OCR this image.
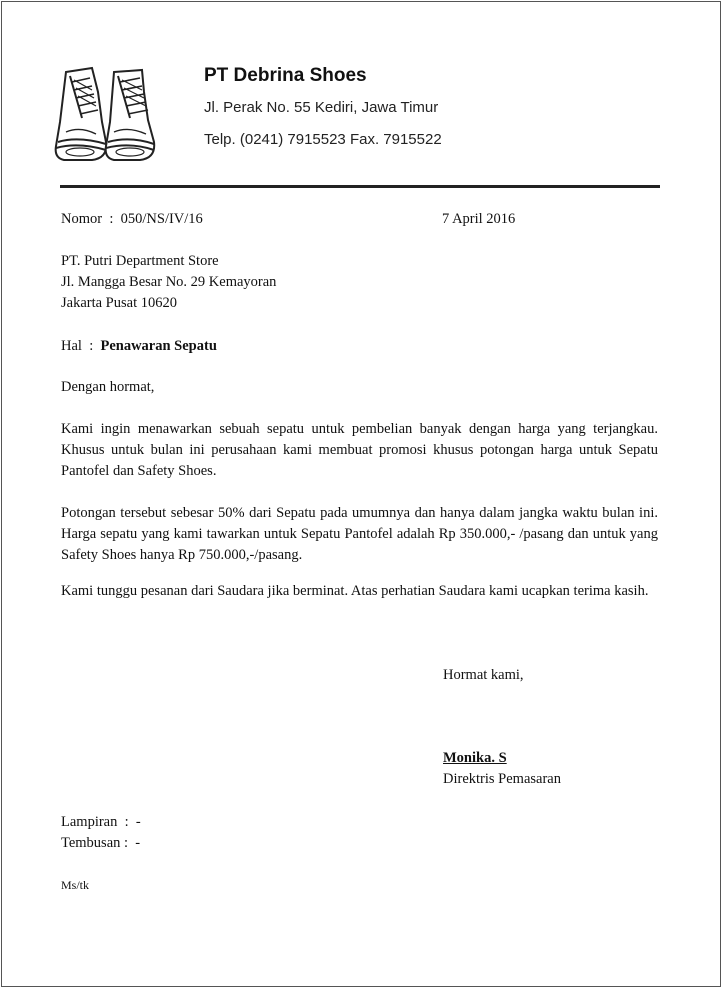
PT Debrina Shoes
Jl. Perak No. 55 Kediri, Jawa Timur
Telp. (0241) 7915523 Fax. 7915522
Nomor  :  050/NS/IV/16	7 April 2016
PT. Putri Department Store
Jl. Mangga Besar No. 29 Kemayoran
Jakarta Pusat 10620
Hal  :  Penawaran Sepatu
Dengan hormat,
Kami ingin menawarkan sebuah sepatu untuk pembelian banyak dengan harga yang terjangkau. Khusus untuk bulan ini perusahaan kami membuat promosi khusus potongan harga untuk Sepatu Pantofel dan Safety Shoes.
Potongan tersebut sebesar 50% dari Sepatu pada umumnya dan hanya dalam jangka waktu bulan ini. Harga sepatu yang kami tawarkan untuk Sepatu Pantofel adalah Rp 350.000,- /pasang dan untuk yang Safety Shoes hanya Rp 750.000,-/pasang.
Kami tunggu pesanan dari Saudara jika berminat. Atas perhatian Saudara kami ucapkan terima kasih.
Hormat kami,
Monika. S
Direktris Pemasaran
Lampiran  :  -
Tembusan :  -
Ms/tk
